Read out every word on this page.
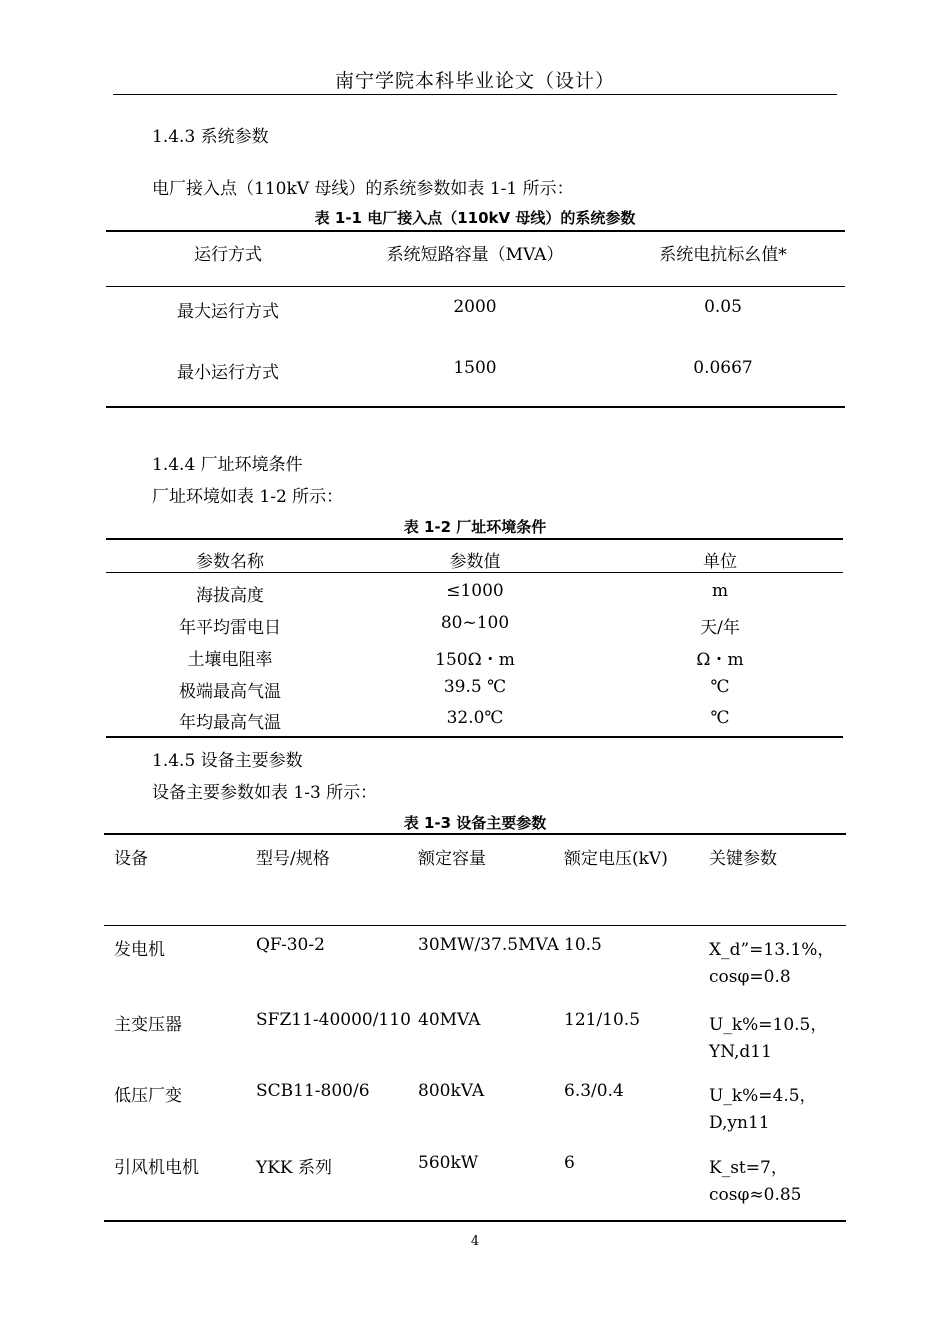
南宁学院本科毕业论文（设计）
1.4.3 系统参数
电厂接入点（110kV 母线）的系统参数如表 1-1 所示：
表 1-1 电厂接入点（110kV 母线）的系统参数
运行方式	系统短路容量（MVA）	系统电抗标幺值*
最大运行方式	2000	0.05
最小运行方式	1500	0.0667
1.4.4 厂址环境条件
厂址环境如表 1-2 所示：
表 1-2 厂址环境条件
参数名称	参数值	单位
海拔高度	≤1000	m
年平均雷电日	80~100	天/年
土壤电阻率	150Ω・m	Ω・m
极端最高气温	39.5 ℃	℃
年均最高气温	32.0℃	℃
1.4.5 设备主要参数
设备主要参数如表 1-3 所示：
表 1-3 设备主要参数
设备	型号/规格	额定容量	额定电压(kV) 关键参数
发电机	QF-30-2	30MW/37.5MVA 10.5	X_d”=13.1%，
cosφ=0.8
主变压器	SFZ11-40000/110 40MVA	121/10.5	U_k%=10.5，
YN,d11
低压厂变	SCB11-800/6	800kVA	6.3/0.4	U_k%=4.5，
D,yn11
引风机电机	YKK 系列	560kW	6	K_st=7，
cosφ≈0.85
4
